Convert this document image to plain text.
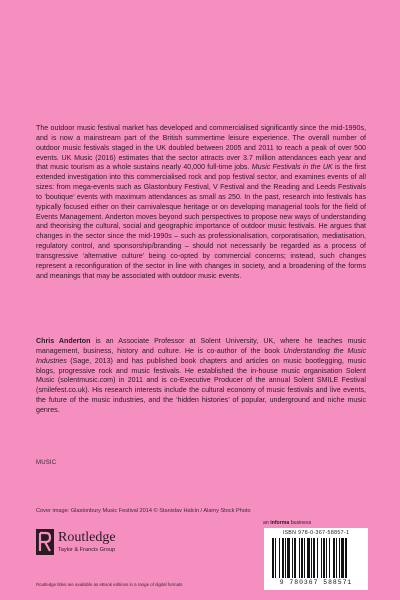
The outdoor music festival market has developed and commercialised significantly since the mid-1990s, and is now a mainstream part of the British summertime leisure experience. The overall number of outdoor music festivals staged in the UK doubled between 2005 and 2011 to reach a peak of over 500 events. UK Music (2016) estimates that the sector attracts over 3.7 million attendances each year and that music tourism as a whole sustains nearly 40,000 full-time jobs. Music Festivals in the UK is the first extended investigation into this commercialised rock and pop festival sector, and examines events of all sizes: from mega-events such as Glastonbury Festival, V Festival and the Reading and Leeds Festivals to ‘boutique’ events with maximum attendances as small as 250. In the past, research into festivals has typically focused either on their carnivalesque heritage or on developing managerial tools for the field of Events Management. Anderton moves beyond such perspectives to propose new ways of understanding and theorising the cultural, social and geographic importance of outdoor music festivals. He argues that changes in the sector since the mid-1990s – such as professionalisation, corporatisation, mediatisation, regulatory control, and sponsorship/branding – should not necessarily be regarded as a process of transgressive ‘alternative culture’ being co-opted by commercial concerns; instead, such changes represent a reconfiguration of the sector in line with changes in society, and a broadening of the forms and meanings that may be associated with outdoor music events.

Chris Anderton is an Associate Professor at Solent University, UK, where he teaches music management, business, history and culture. He is co-author of the book Understanding the Music Industries (Sage, 2013) and has published book chapters and articles on music bootlegging, music blogs, progressive rock and music festivals. He established the in-house music organisation Solent Music (solentmusic.com) in 2011 and is co-Executive Producer of the annual Solent SMILE Festival (smilefest.co.uk). His research interests include the cultural economy of music festivals and live events, the future of the music industries, and the ‘hidden histories’ of popular, underground and niche music genres.

MUSIC
Cover image: Glastonbury Music Festival 2014 © Stanislav Halcin / Alamy Stock Photo
an informa business
Routledge
Taylor & Francis Group
ISBN 978-0-367-58857-1
9 780367 588571
Routledge titles are available as eBook editions in a range of digital formats
